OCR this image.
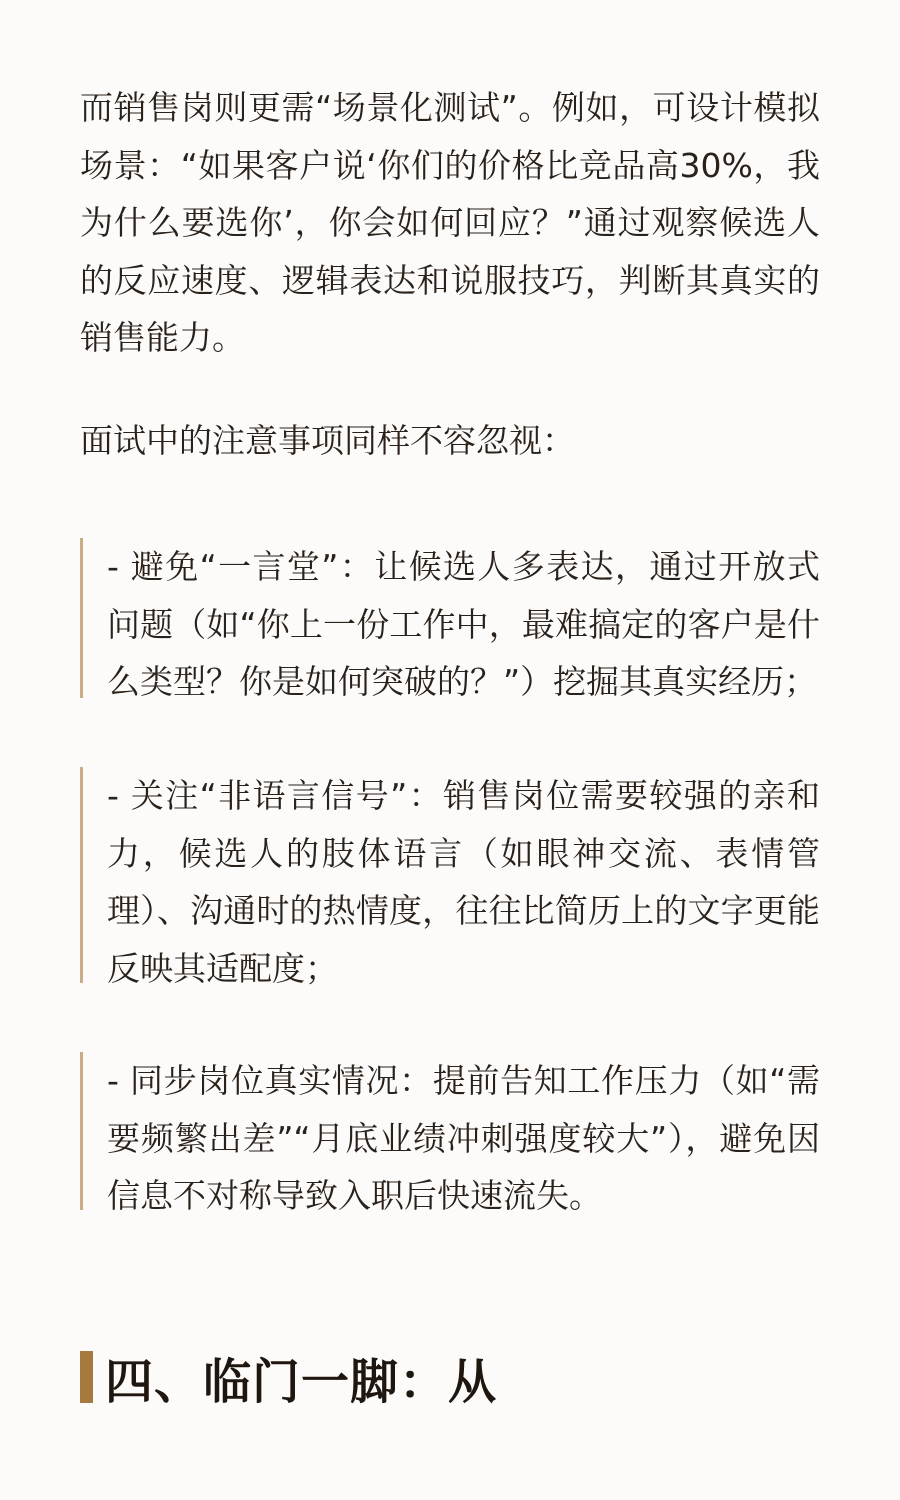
而销售岗则更需“场景化测试”。例如，可设计模拟场景：“如果客户说‘你们的价格比竞品高30%，我为什么要选你’，你会如何回应？”通过观察候选人的反应速度、逻辑表达和说服技巧，判断其真实的销售能力。

面试中的注意事项同样不容忽视：

- 避免“一言堂”：让候选人多表达，通过开放式问题（如“你上一份工作中，最难搞定的客户是什么类型？你是如何突破的？”）挖掘其真实经历；

- 关注“非语言信号”：销售岗位需要较强的亲和力，候选人的肢体语言（如眼神交流、表情管理）、沟通时的热情度，往往比简历上的文字更能反映其适配度；

- 同步岗位真实情况：提前告知工作压力（如“需要频繁出差”“月底业绩冲刺强度较大”），避免因信息不对称导致入职后快速流失。

四、临门一脚：从
